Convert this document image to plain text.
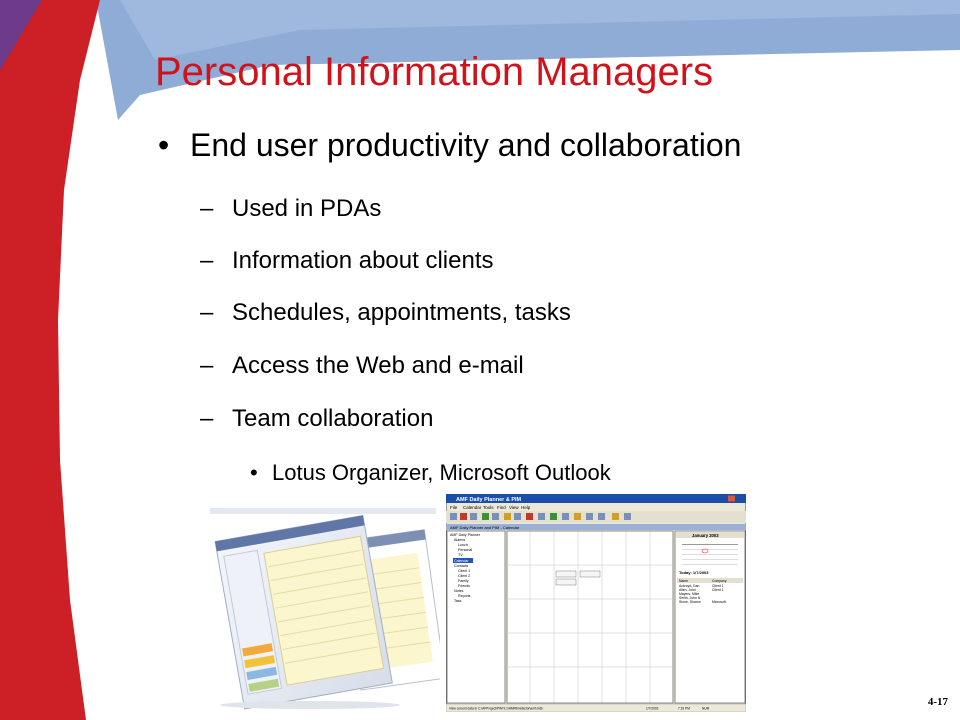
Personal Information Managers
• End user productivity and collaboration
– Used in PDAs
– Information about clients
– Schedules, appointments, tasks
– Access the Web and e-mail
– Team collaboration
• Lotus Organizer, Microsoft Outlook
AMF Daily Planner & PIM
File Calendar Tools Find View Help
AMF Daily Planner and PIM - Calendar
AMF Daily Planner
Alarms
Lunch
Personal
TV
Calendar
Contacts
Client 1
Client 2
Family
Friends
Notes
Reports
Task
January 2003
Today: 1/7/2003
Name	Company
Ackroyd, Dan	Client 1
Allen, John	Client 1
Mayers, Mike
Smith, John N
Stone, Sharon	Microsoft
View current data in C:\AFProject\PIM 9.1\AMFtimefactor\amf.mdb	1/7/2003	7:19 PM	NUM
4-17
